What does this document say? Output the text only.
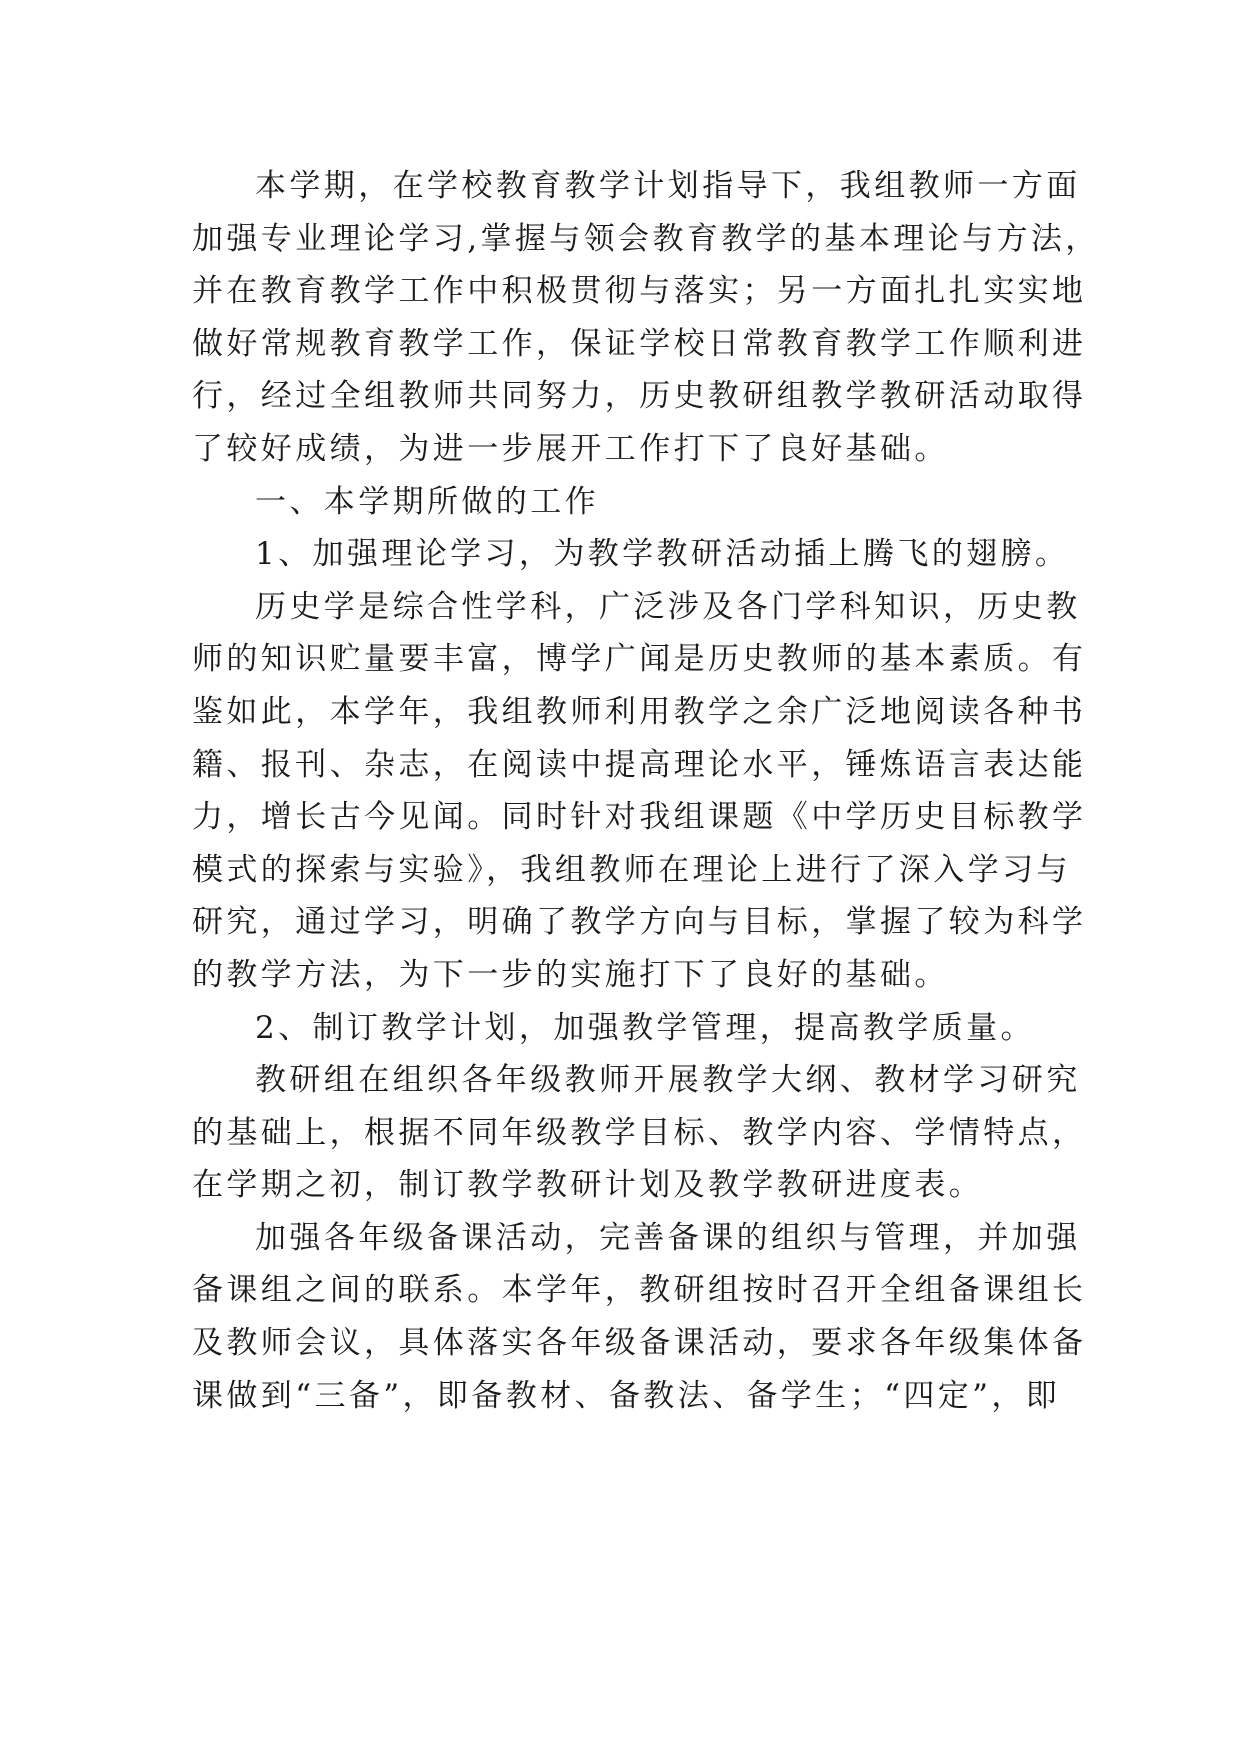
本学期，在学校教育教学计划指导下，我组教师一方面
加强专业理论学习,掌握与领会教育教学的基本理论与方法，
并在教育教学工作中积极贯彻与落实；另一方面扎扎实实地
做好常规教育教学工作，保证学校日常教育教学工作顺利进
行，经过全组教师共同努力，历史教研组教学教研活动取得
了较好成绩，为进一步展开工作打下了良好基础。
一、本学期所做的工作
1、加强理论学习，为教学教研活动插上腾飞的翅膀。
历史学是综合性学科，广泛涉及各门学科知识，历史教
师的知识贮量要丰富，博学广闻是历史教师的基本素质。有
鉴如此，本学年，我组教师利用教学之余广泛地阅读各种书
籍、报刊、杂志，在阅读中提高理论水平，锤炼语言表达能
力，增长古今见闻。同时针对我组课题《中学历史目标教学
模式的探索与实验》，我组教师在理论上进行了深入学习与
研究，通过学习，明确了教学方向与目标，掌握了较为科学
的教学方法，为下一步的实施打下了良好的基础。
2、制订教学计划，加强教学管理，提高教学质量。
教研组在组织各年级教师开展教学大纲、教材学习研究
的基础上，根据不同年级教学目标、教学内容、学情特点，
在学期之初，制订教学教研计划及教学教研进度表。
加强各年级备课活动，完善备课的组织与管理，并加强
备课组之间的联系。本学年，教研组按时召开全组备课组长
及教师会议，具体落实各年级备课活动，要求各年级集体备
课做到“三备”，即备教材、备教法、备学生；“四定”，即
